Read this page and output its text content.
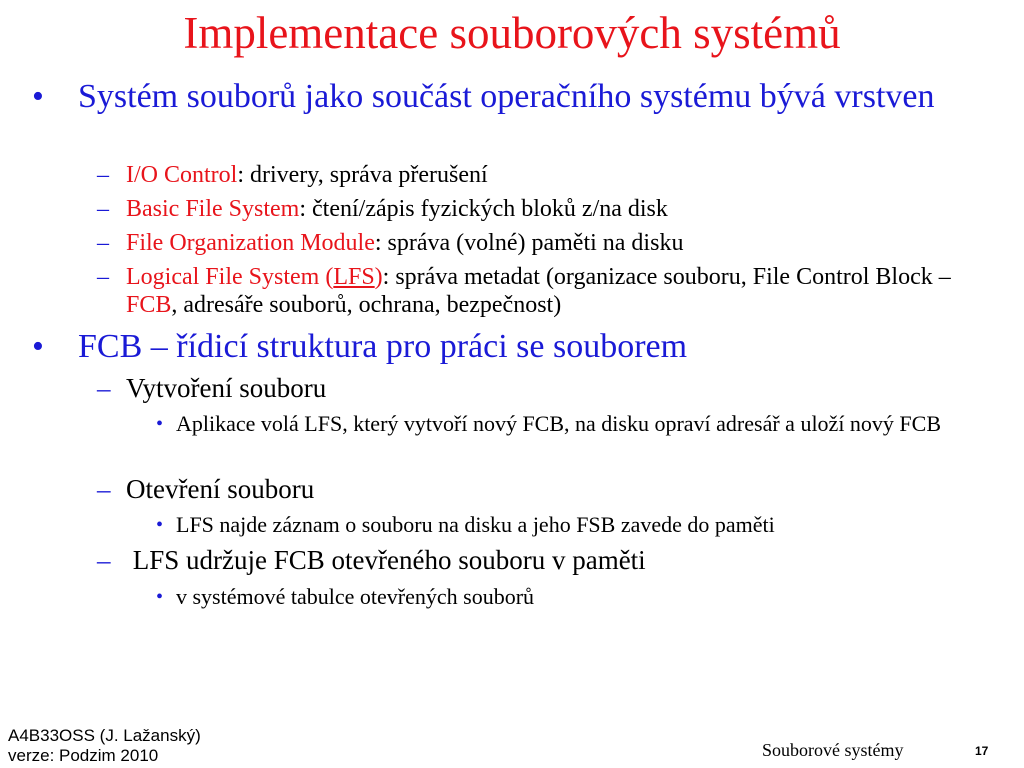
Implementace souborových systémů
• Systém souborů jako součást operačního systému bývá vrstven
– I/O Control: drivery, správa přerušení
– Basic File System: čtení/zápis fyzických bloků z/na disk
– File Organization Module: správa (volné) paměti na disku
– Logical File System (LFS): správa metadat (organizace souboru, File Control Block – FCB, adresáře souborů, ochrana, bezpečnost)
• FCB – řídicí struktura pro práci se souborem
– Vytvoření souboru
• Aplikace volá LFS, který vytvoří nový FCB, na disku opraví adresář a uloží nový FCB
– Otevření souboru
• LFS najde záznam o souboru na disku a jeho FSB zavede do paměti
– LFS udržuje FCB otevřeného souboru v paměti
• v systémové tabulce otevřených souborů
A4B33OSS (J. Lažanský)
verze: Podzim 2010	Souborové systémy	17
